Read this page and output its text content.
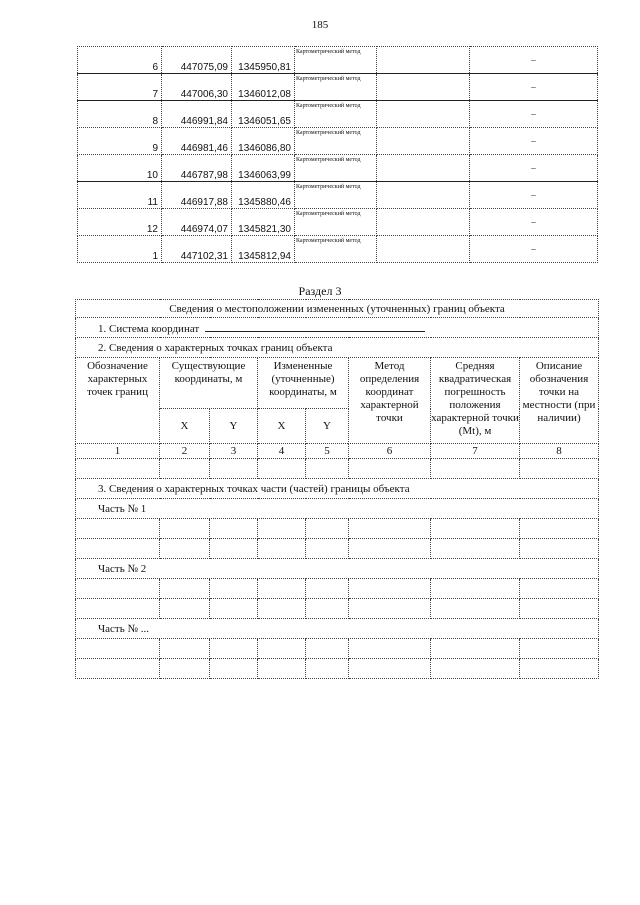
185
6	447075,09	1345950,81	Картометрический метод		–
7	447006,30	1346012,08	Картометрический метод		–
8	446991,84	1346051,65	Картометрический метод		–
9	446981,46	1346086,80	Картометрический метод		–
10	446787,98	1346063,99	Картометрический метод		–
11	446917,88	1345880,46	Картометрический метод		–
12	446974,07	1345821,30	Картометрический метод		–
1	447102,31	1345812,94	Картометрический метод		–
Раздел 3
Сведения о местоположении измененных (уточненных) границ объекта							
1. Система координат							
2. Сведения о характерных точках границ объекта							
Обозначение характерных точек границ	Существующие координаты, м		Измененные (уточненные) координаты, м		Метод определения координат характерной точки	Средняя квадратическая погрешность положения характерной точки (Mt), м	Описание обозначения точки на местности (при наличии)
	X	Y	X	Y			
1	2	3	4	5	6	7	8

3. Сведения о характерных точках части (частей) границы объекта							
Часть № 1							

Часть № 2							

Часть № ...							
